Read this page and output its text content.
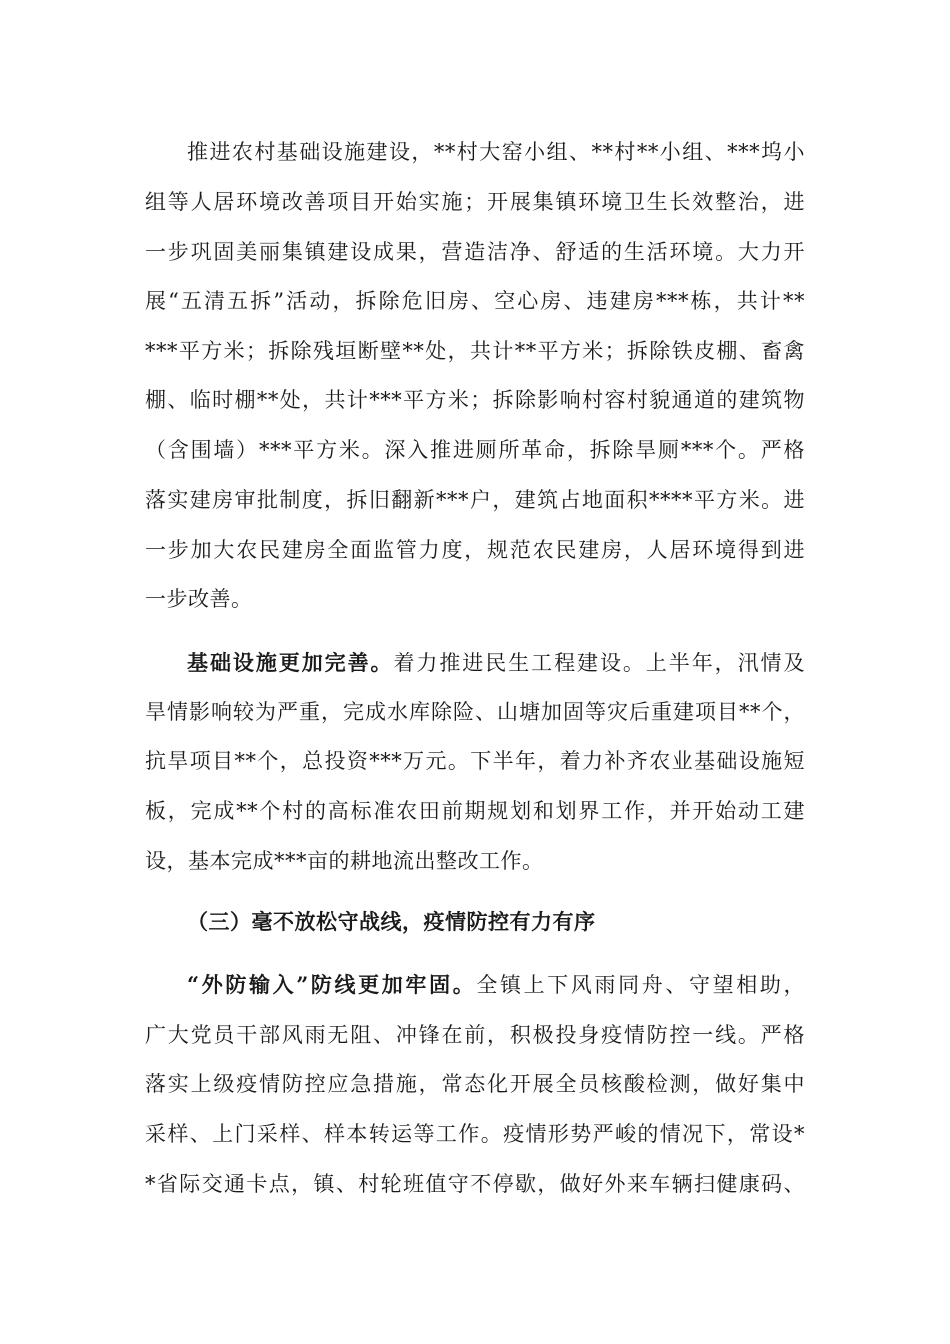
推进农村基础设施建设，**村大窑小组、**村**小组、***坞小
组等人居环境改善项目开始实施；开展集镇环境卫生长效整治，进
一步巩固美丽集镇建设成果，营造洁净、舒适的生活环境。大力开
展“五清五拆”活动，拆除危旧房、空心房、违建房***栋，共计**
***平方米；拆除残垣断壁**处，共计**平方米；拆除铁皮棚、畜禽
棚、临时棚**处，共计***平方米；拆除影响村容村貌通道的建筑物
（含围墙）***平方米。深入推进厕所革命，拆除旱厕***个。严格
落实建房审批制度，拆旧翻新***户，建筑占地面积****平方米。进
一步加大农民建房全面监管力度，规范农民建房，人居环境得到进
一步改善。
基础设施更加完善。着力推进民生工程建设。上半年，汛情及
旱情影响较为严重，完成水库除险、山塘加固等灾后重建项目**个，
抗旱项目**个，总投资***万元。下半年，着力补齐农业基础设施短
板，完成**个村的高标准农田前期规划和划界工作，并开始动工建
设，基本完成***亩的耕地流出整改工作。
（三）毫不放松守战线，疫情防控有力有序
“外防输入”防线更加牢固。全镇上下风雨同舟、守望相助，
广大党员干部风雨无阻、冲锋在前，积极投身疫情防控一线。严格
落实上级疫情防控应急措施，常态化开展全员核酸检测，做好集中
采样、上门采样、样本转运等工作。疫情形势严峻的情况下，常设*
*省际交通卡点，镇、村轮班值守不停歇，做好外来车辆扫健康码、
